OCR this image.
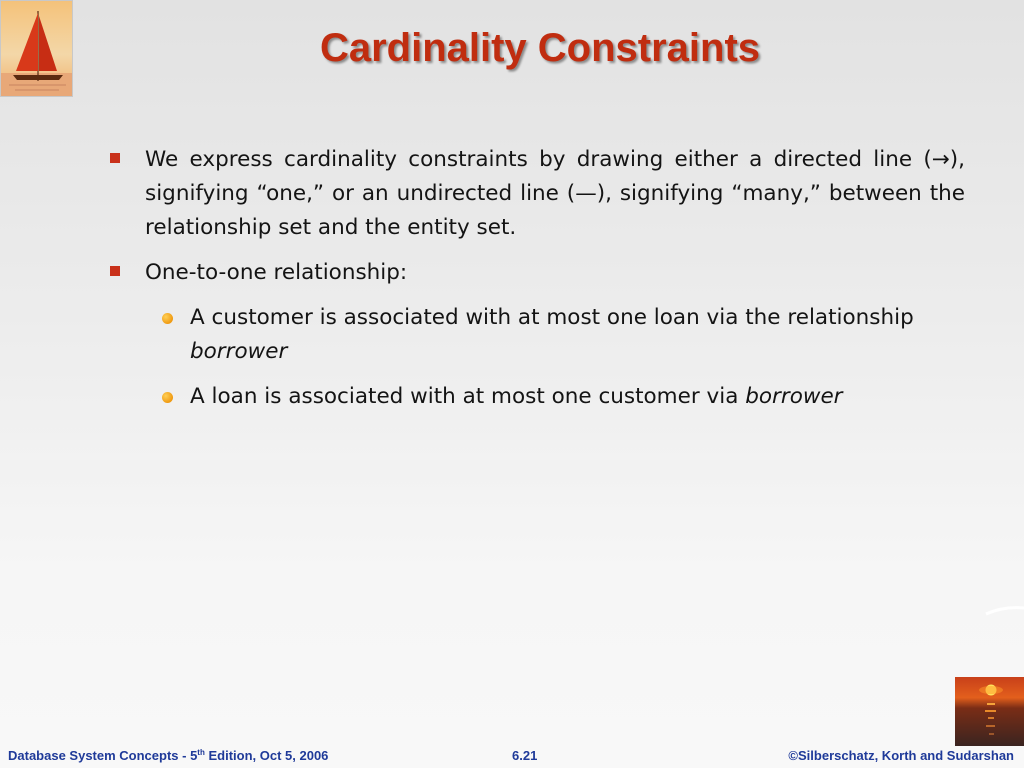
Cardinality Constraints

We express cardinality constraints by drawing either a directed line (→), signifying “one,” or an undirected line (—), signifying “many,” between the relationship set and the entity set.

One-to-one relationship:

A customer is associated with at most one loan via the relationship borrower

A loan is associated with at most one customer via borrower

Database System Concepts - 5th Edition, Oct 5, 2006	6.21	©Silberschatz, Korth and Sudarshan
